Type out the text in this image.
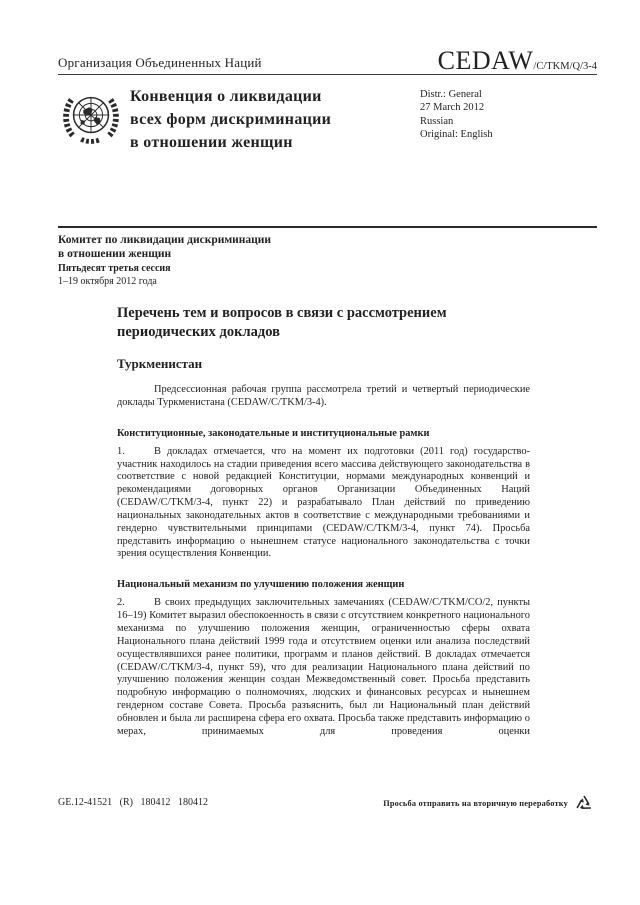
Организация Объединенных Наций	CEDAW/C/TKM/Q/3-4
Конвенция о ликвидации
всех форм дискриминации
в отношении женщин
Distr.: General
27 March 2012
Russian
Original: English
Комитет по ликвидации дискриминации
в отношении женщин
Пятьдесят третья сессия
1–19 октября 2012 года
Перечень тем и вопросов в связи с рассмотрением периодических докладов
Туркменистан
Предсессионная рабочая группа рассмотрела третий и четвертый периодические доклады Туркменистана (CEDAW/C/TKM/3-4).
Конституционные, законодательные и институциональные рамки
1.	В докладах отмечается, что на момент их подготовки (2011 год) государство-участник находилось на стадии приведения всего массива действующего законодательства в соответствие с новой редакцией Конституции, нормами международных конвенций и рекомендациями договорных органов Организации Объединенных Наций (CEDAW/C/TKM/3-4, пункт 22) и разрабатывало План действий по приведению национальных законодательных актов в соответствие с международными требованиями и гендерно чувствительными принципами (CEDAW/C/TKM/3-4, пункт 74). Просьба представить информацию о нынешнем статусе национального законодательства с точки зрения осуществления Конвенции.
Национальный механизм по улучшению положения женщин
2.	В своих предыдущих заключительных замечаниях (CEDAW/C/TKM/CO/2, пункты 16–19) Комитет выразил обеспокоенность в связи с отсутствием конкретного национального механизма по улучшению положения женщин, ограниченностью сферы охвата Национального плана действий 1999 года и отсутствием оценки или анализа последствий осуществлявшихся ранее политики, программ и планов действий. В докладах отмечается (CEDAW/C/TKM/3-4, пункт 59), что для реализации Национального плана действий по улучшению положения женщин создан Межведомственный совет. Просьба представить подробную информацию о полномочиях, людских и финансовых ресурсах и нынешнем гендерном составе Совета. Просьба разъяснить, был ли Национальный план действий обновлен и была ли расширена сфера его охвата. Просьба также представить информацию о мерах, принимаемых для проведения оценки
GE.12-41521 (R) 180412 180412	Просьба отправить на вторичную переработку
